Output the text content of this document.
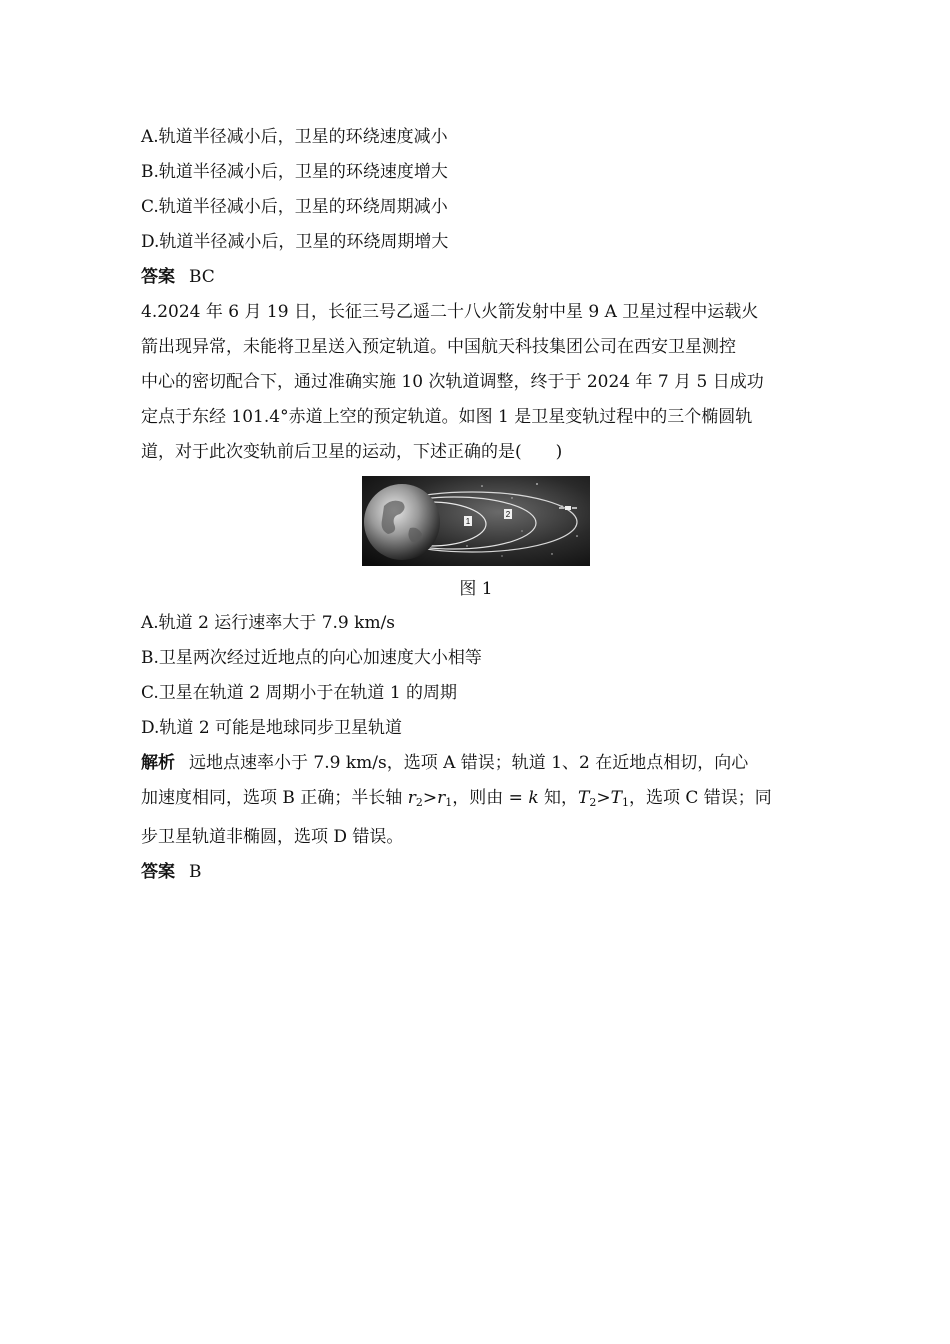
A.轨道半径减小后，卫星的环绕速度减小
B.轨道半径减小后，卫星的环绕速度增大
C.轨道半径减小后，卫星的环绕周期减小
D.轨道半径减小后，卫星的环绕周期增大
答案 BC
4.2024 年 6 月 19 日，长征三号乙遥二十八火箭发射中星 9 A 卫星过程中运载火
箭出现异常，未能将卫星送入预定轨道。中国航天科技集团公司在西安卫星测控
中心的密切配合下，通过准确实施 10 次轨道调整，终于于 2024 年 7 月 5 日成功
定点于东经 101.4°赤道上空的预定轨道。如图 1 是卫星变轨过程中的三个椭圆轨
道，对于此次变轨前后卫星的运动，下述正确的是(　　)
1
2
图 1
A.轨道 2 运行速率大于 7.9 km/s
B.卫星两次经过近地点的向心加速度大小相等
C.卫星在轨道 2 周期小于在轨道 1 的周期
D.轨道 2 可能是地球同步卫星轨道
解析 远地点速率小于 7.9 km/s，选项 A 错误；轨道 1、2 在近地点相切，向心
加速度相同，选项 B 正确；半长轴 $r_2>r_1$，则由 = k 知，$T_2>T_1$，选项 C 错误；同
步卫星轨道非椭圆，选项 D 错误。
答案 B
